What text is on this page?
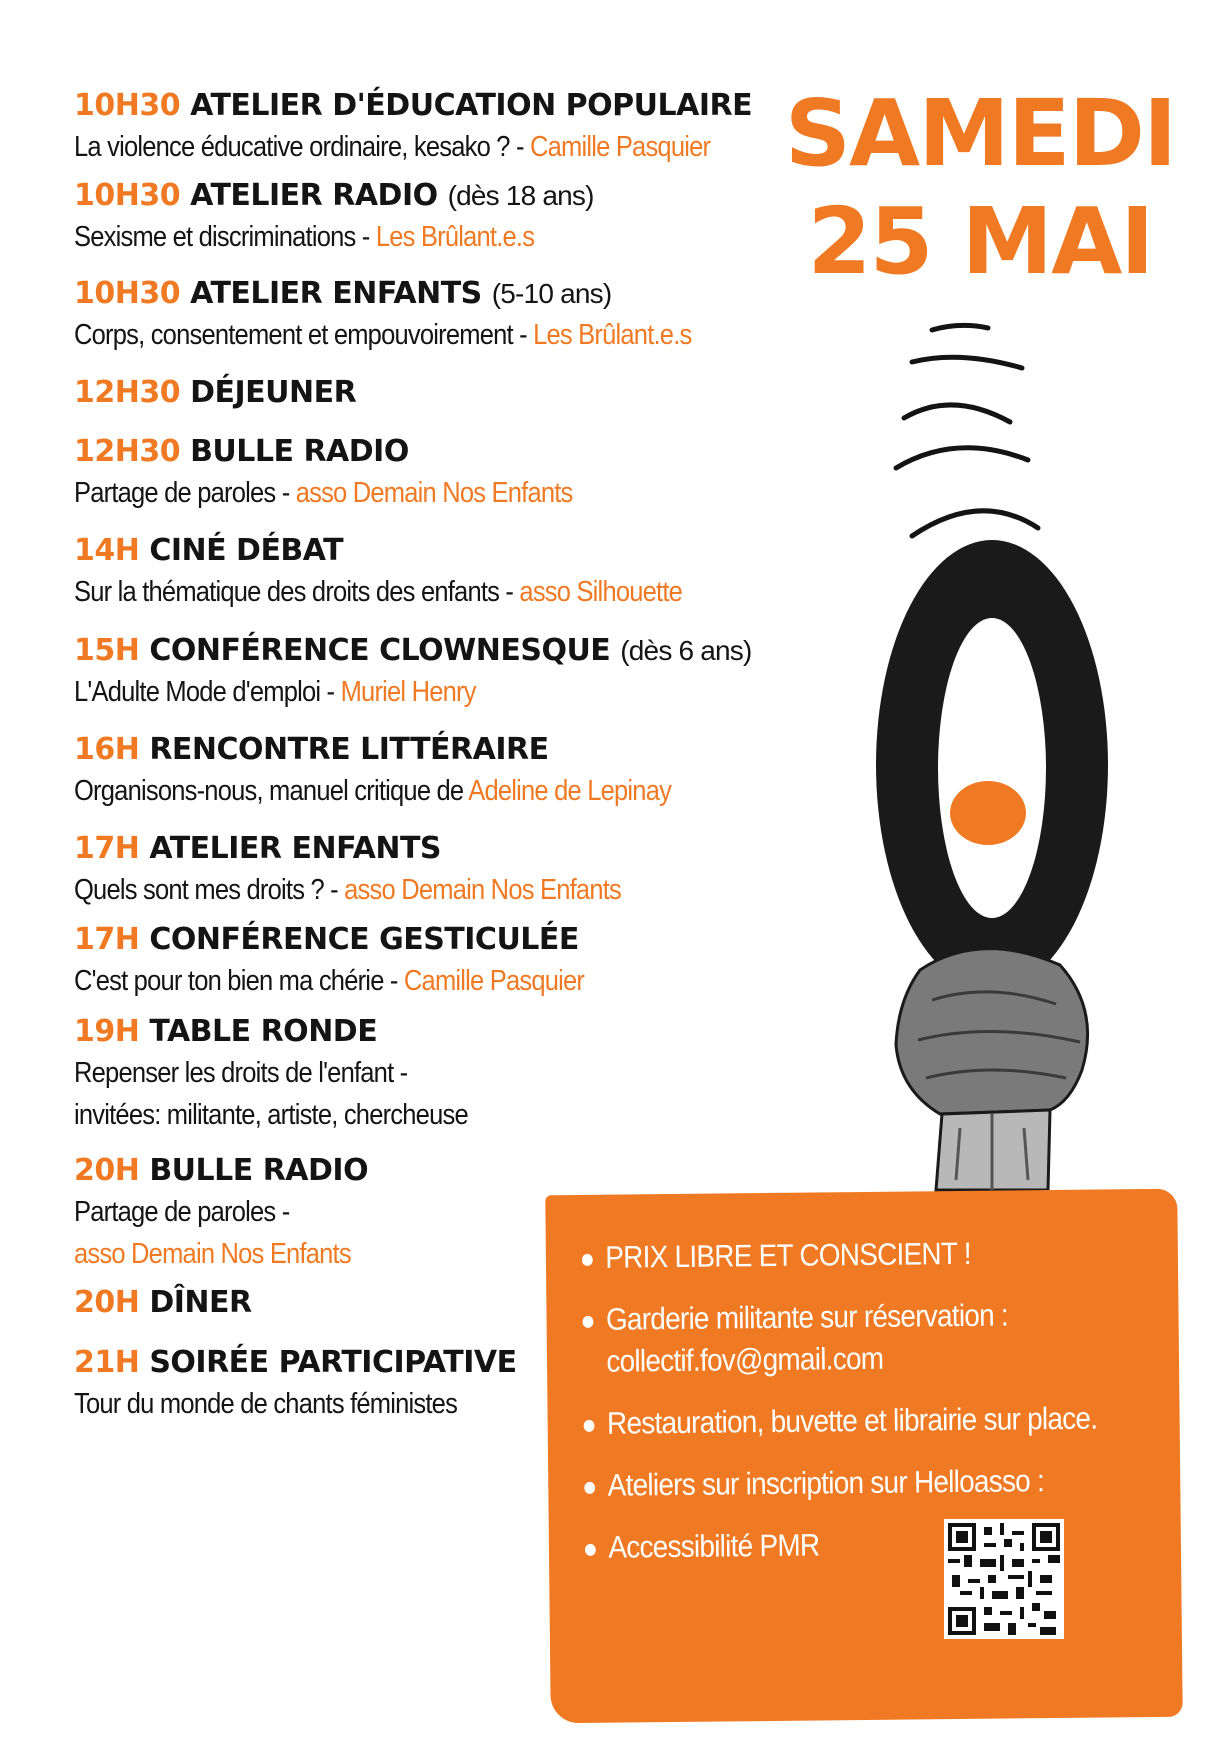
10H30 ATELIER D'ÉDUCATION POPULAIRE
La violence éducative ordinaire, kesako ? - Camille Pasquier
10H30 ATELIER RADIO (dès 18 ans)
Sexisme et discriminations - Les Brûlant.e.s
10H30 ATELIER ENFANTS (5-10 ans)
Corps, consentement et empouvoirement - Les Brûlant.e.s
12H30 DÉJEUNER
12H30 BULLE RADIO
Partage de paroles - asso Demain Nos Enfants
14H CINÉ DÉBAT
Sur la thématique des droits des enfants - asso Silhouette
15H CONFÉRENCE CLOWNESQUE (dès 6 ans)
L'Adulte Mode d'emploi - Muriel Henry
16H RENCONTRE LITTÉRAIRE
Organisons-nous, manuel critique de Adeline de Lepinay
17H ATELIER ENFANTS
Quels sont mes droits ? - asso Demain Nos Enfants
17H CONFÉRENCE GESTICULÉE
C'est pour ton bien ma chérie - Camille Pasquier
19H TABLE RONDE
Repenser les droits de l'enfant -
invitées: militante, artiste, chercheuse
20H BULLE RADIO
Partage de paroles -
asso Demain Nos Enfants
20H DÎNER
21H SOIRÉE PARTICIPATIVE
Tour du monde de chants féministes
SAMEDI
25 MAI
PRIX LIBRE ET CONSCIENT !
Garderie militante sur réservation :
collectif.fov@gmail.com
Restauration, buvette et librairie sur place.
Ateliers sur inscription sur Helloasso :
Accessibilité PMR
